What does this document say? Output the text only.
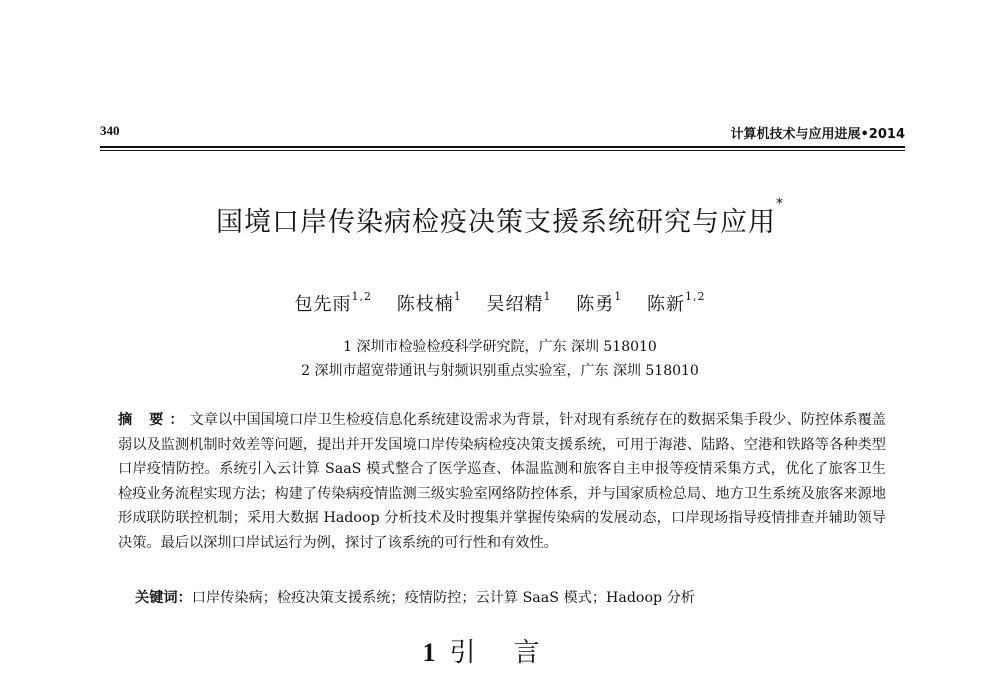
340	计算机技术与应用进展•2014
国境口岸传染病检疫决策支援系统研究与应用*
包先雨$^{1,2}$ 陈枝楠$^1$ 吴绍精$^1$ 陈勇$^1$ 陈新$^{1,2}$
1 深圳市检验检疫科学研究院，广东 深圳 518010
2 深圳市超宽带通讯与射频识别重点实验室，广东 深圳 518010
摘 要：文章以中国国境口岸卫生检疫信息化系统建设需求为背景，针对现有系统存在的数据采集手段少、防控体系覆盖弱以及监测机制时效差等问题，提出并开发国境口岸传染病检疫决策支援系统，可用于海港、陆路、空港和铁路等各种类型口岸疫情防控。系统引入云计算 SaaS 模式整合了医学巡查、体温监测和旅客自主申报等疫情采集方式，优化了旅客卫生检疫业务流程实现方法；构建了传染病疫情监测三级实验室网络防控体系，并与国家质检总局、地方卫生系统及旅客来源地形成联防联控机制；采用大数据 Hadoop 分析技术及时搜集并掌握传染病的发展动态，口岸现场指导疫情排查并辅助领导决策。最后以深圳口岸试运行为例，探讨了该系统的可行性和有效性。
关键词：口岸传染病；检疫决策支援系统；疫情防控；云计算 SaaS 模式；Hadoop 分析
1 引言
